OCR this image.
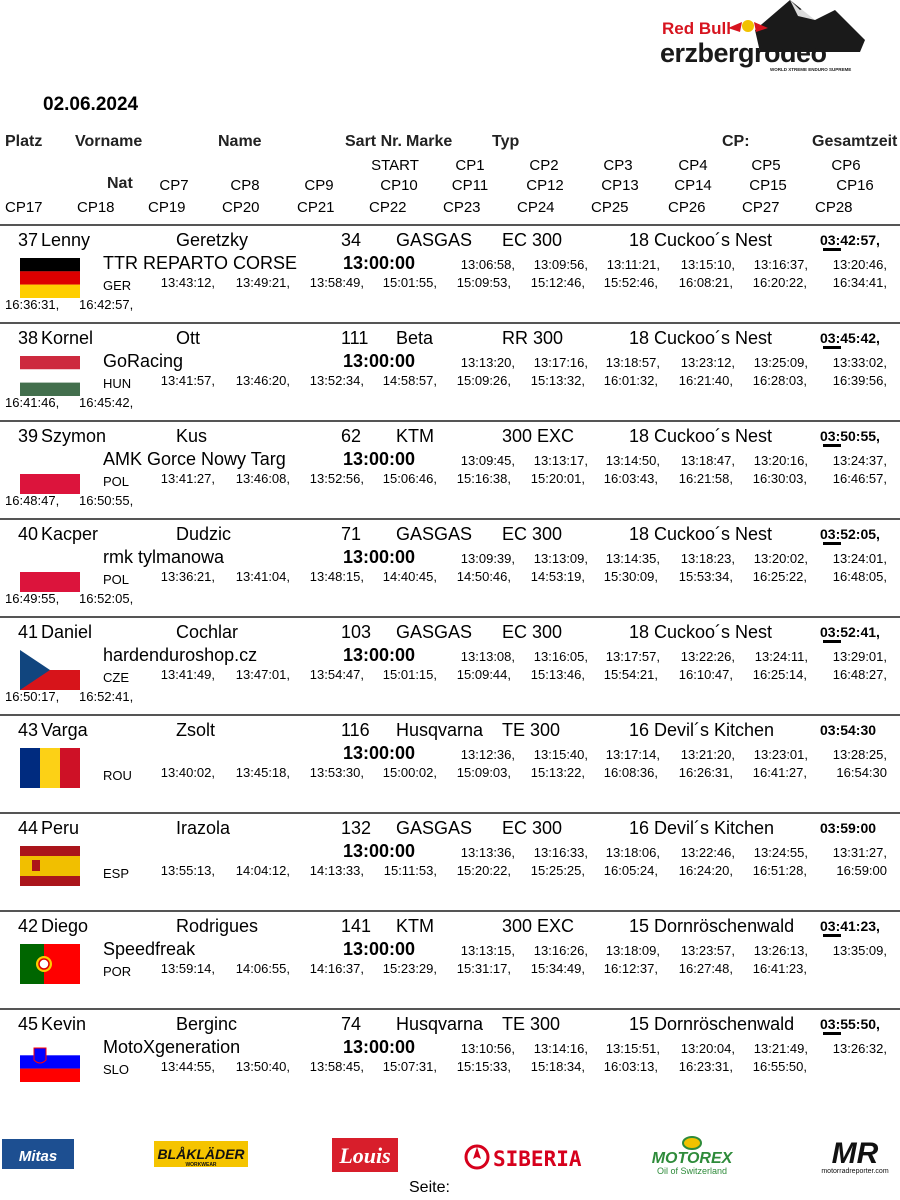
Red Bull
erzbergrodeo
WORLD XTREME ENDURO SUPREME
02.06.2024
Platz Vorname	Name	Sart Nr. Marke Typ	CP:	Gesamtzeit
Nat
START CP1	CP2	CP3	CP4	CP5	CP6
CP7	CP8	CP9	CP10 CP11	CP12 CP13 CP14 CP15	CP16
CP17 CP18 CP19 CP20 CP21 CP22 CP23 CP24 CP25	CP26 CP27 CP28
37 Lenny	Geretzky	34 GASGAS EC 300	18 Cuckoo´s Nest	03:42:57,
TTR REPARTO CORSE	13:00:00	13:06:58, 13:09:56, 13:11:21, 13:15:10, 13:16:37, 13:20:46,
GER 13:43:12, 13:49:21, 13:58:49, 15:01:55, 15:09:53, 15:12:46, 15:52:46, 16:08:21, 16:20:22, 16:34:41,
16:36:31, 16:42:57,
38 Kornel	Ott	111 Beta	RR 300	18 Cuckoo´s Nest	03:45:42,
GoRacing	13:00:00	13:13:20, 13:17:16, 13:18:57, 13:23:12, 13:25:09, 13:33:02,
HUN 13:41:57, 13:46:20, 13:52:34, 14:58:57, 15:09:26, 15:13:32, 16:01:32, 16:21:40, 16:28:03, 16:39:56,
16:41:46, 16:45:42,
39 Szymon	Kus	62 KTM	300 EXC	18 Cuckoo´s Nest	03:50:55,
AMK Gorce Nowy Targ	13:00:00	13:09:45, 13:13:17, 13:14:50, 13:18:47, 13:20:16, 13:24:37,
POL 13:41:27, 13:46:08, 13:52:56, 15:06:46, 15:16:38, 15:20:01, 16:03:43, 16:21:58, 16:30:03, 16:46:57,
16:48:47, 16:50:55,
40 Kacper	Dudzic	71 GASGAS EC 300	18 Cuckoo´s Nest	03:52:05,
rmk tylmanowa	13:00:00	13:09:39, 13:13:09, 13:14:35, 13:18:23, 13:20:02, 13:24:01,
POL 13:36:21, 13:41:04, 13:48:15, 14:40:45, 14:50:46, 14:53:19, 15:30:09, 15:53:34, 16:25:22, 16:48:05,
16:49:55, 16:52:05,
41 Daniel	Cochlar	103 GASGAS EC 300	18 Cuckoo´s Nest	03:52:41,
hardenduroshop.cz	13:00:00	13:13:08, 13:16:05, 13:17:57, 13:22:26, 13:24:11, 13:29:01,
CZE 13:41:49, 13:47:01, 13:54:47, 15:01:15, 15:09:44, 15:13:46, 15:54:21, 16:10:47, 16:25:14, 16:48:27,
16:50:17, 16:52:41,
43 Varga	Zsolt	116 Husqvarna TE 300	16 Devil´s Kitchen	03:54:30
13:00:00	13:12:36, 13:15:40, 13:17:14, 13:21:20, 13:23:01, 13:28:25,
ROU 13:40:02, 13:45:18, 13:53:30, 15:00:02, 15:09:03, 15:13:22, 16:08:36, 16:26:31, 16:41:27, 16:54:30
44 Peru	Irazola	132 GASGAS EC 300	16 Devil´s Kitchen	03:59:00
13:00:00	13:13:36, 13:16:33, 13:18:06, 13:22:46, 13:24:55, 13:31:27,
ESP 13:55:13, 14:04:12, 14:13:33, 15:11:53, 15:20:22, 15:25:25, 16:05:24, 16:24:20, 16:51:28, 16:59:00
42 Diego	Rodrigues	141 KTM	300 EXC	15 Dornröschenwald 03:41:23,
Speedfreak	13:00:00	13:13:15, 13:16:26, 13:18:09, 13:23:57, 13:26:13, 13:35:09,
POR 13:59:14, 14:06:55, 14:16:37, 15:23:29, 15:31:17, 15:34:49, 16:12:37, 16:27:48, 16:41:23,
45 Kevin	Berginc	74 Husqvarna TE 300	15 Dornröschenwald 03:55:50,
MotoXgeneration	13:00:00	13:10:56, 13:14:16, 13:15:51, 13:20:04, 13:21:49, 13:26:32,
SLO 13:44:55, 13:50:40, 13:58:45, 15:07:31, 15:15:33, 15:18:34, 16:03:13, 16:23:31, 16:55:50,
Mitas	BLÅKLÄDER
WORKWEAR	Louis	SIBERIA	MOTOREX
Oil of Switzerland
MR
motorradreporter.com
Seite:
